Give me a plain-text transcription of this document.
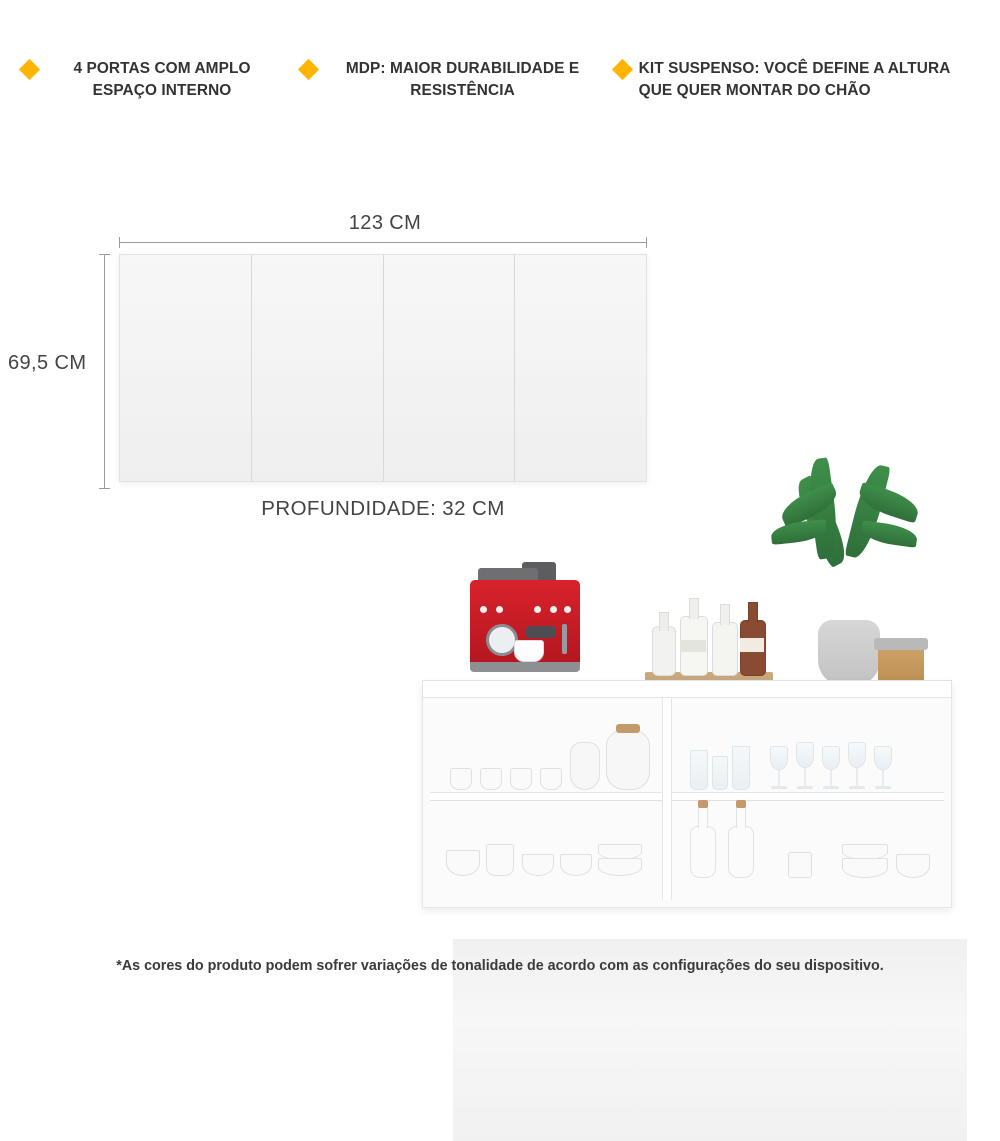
4 PORTAS COM AMPLO ESPAÇO INTERNO
MDP: MAIOR DURABILIDADE E RESISTÊNCIA
KIT SUSPENSO: VOCÊ DEFINE A ALTURA QUE QUER MONTAR DO CHÃO
123 CM
69,5 CM
PROFUNDIDADE: 32 CM
*As cores do produto podem sofrer variações de tonalidade de acordo com as configurações do seu dispositivo.
